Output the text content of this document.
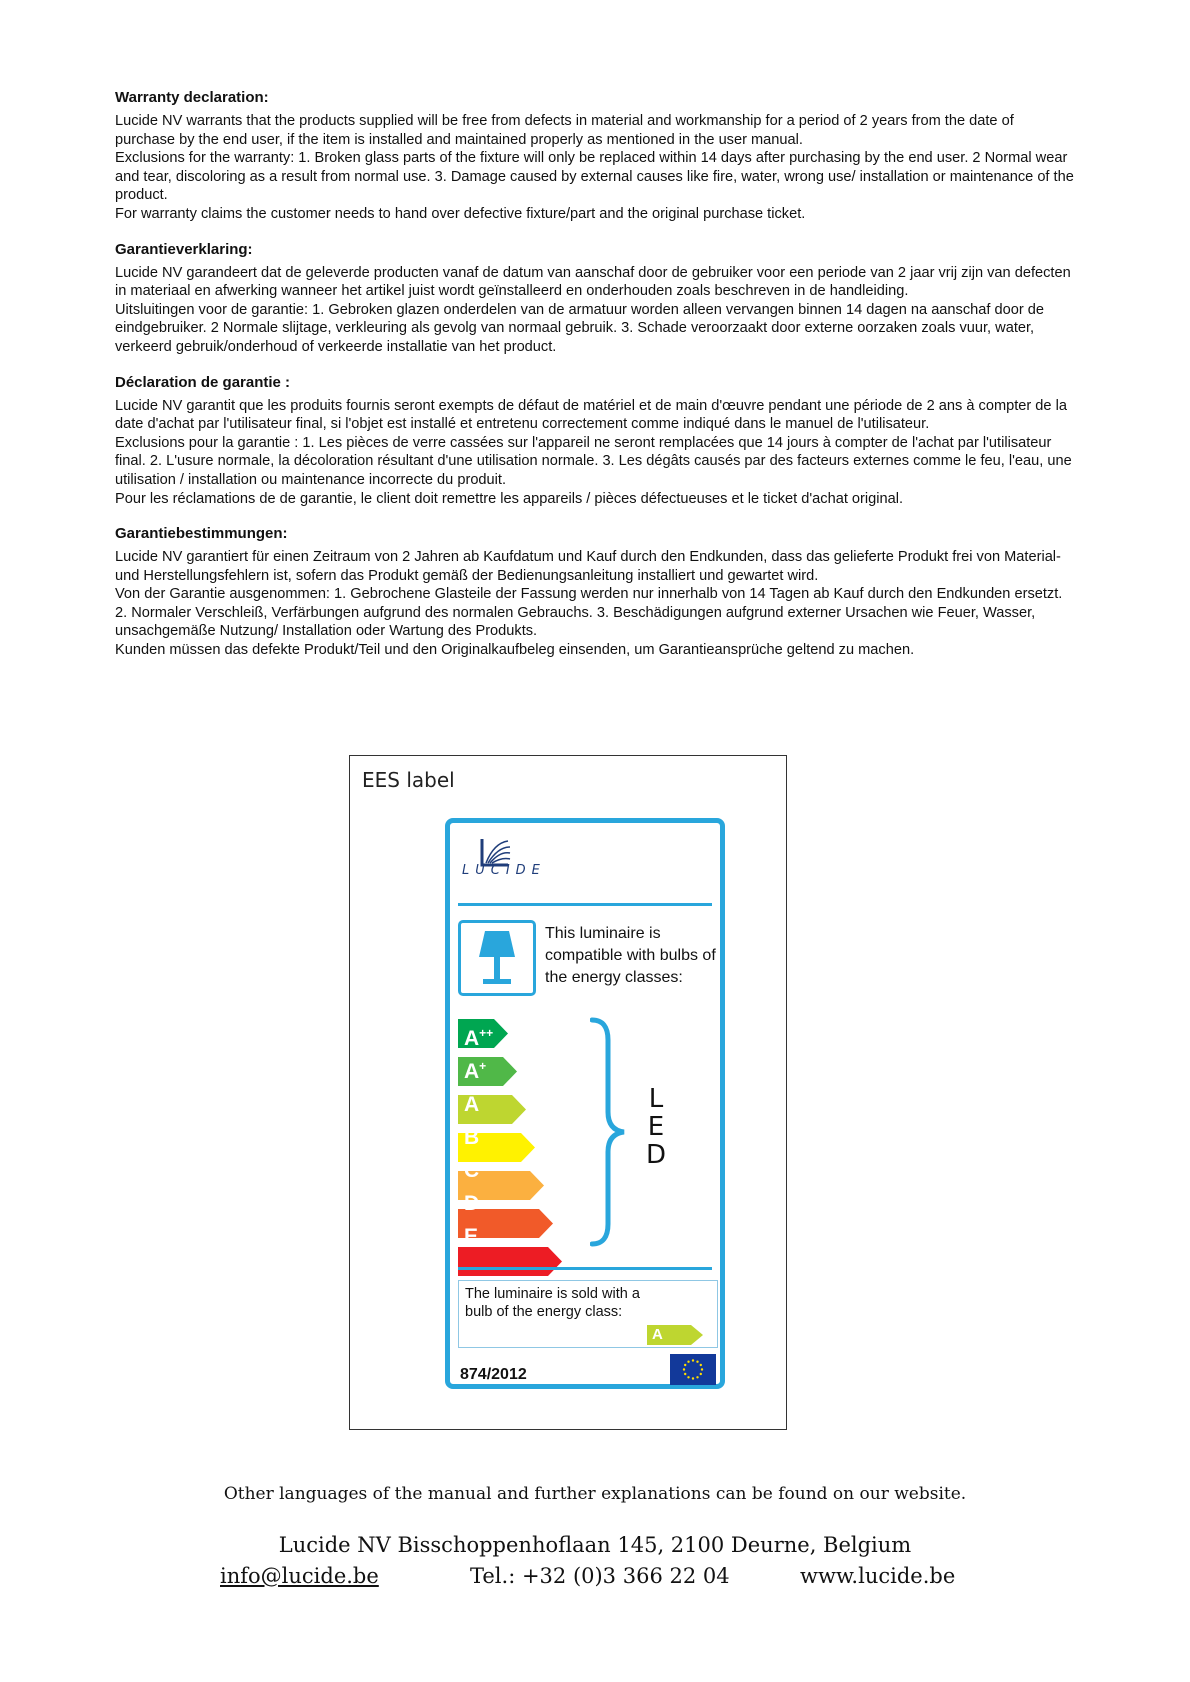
Warranty declaration:

Lucide NV warrants that the products supplied will be free from defects in material and workmanship for a period of 2 years from the date of purchase by the end user, if the item is installed and maintained properly as mentioned in the user manual.

Exclusions for the warranty: 1. Broken glass parts of the fixture will only be replaced within 14 days after purchasing by the end user. 2 Normal wear and tear, discoloring as a result from normal use. 3. Damage caused by external causes like fire, water, wrong use/ installation or maintenance of the product.

For warranty claims the customer needs to hand over defective fixture/part and the original purchase ticket.

Garantieverklaring:

Lucide NV garandeert dat de geleverde producten vanaf de datum van aanschaf door de gebruiker voor een periode van 2 jaar vrij zijn van defecten in materiaal en afwerking wanneer het artikel juist wordt geïnstalleerd en onderhouden zoals beschreven in de handleiding.

Uitsluitingen voor de garantie: 1. Gebroken glazen onderdelen van de armatuur worden alleen vervangen binnen 14 dagen na aanschaf door de eindgebruiker. 2 Normale slijtage, verkleuring als gevolg van normaal gebruik. 3. Schade veroorzaakt door externe oorzaken zoals vuur, water, verkeerd gebruik/onderhoud of verkeerde installatie van het product.

Déclaration de garantie :

Lucide NV garantit que les produits fournis seront exempts de défaut de matériel et de main d'œuvre pendant une période de 2 ans à compter de la date d'achat par l'utilisateur final, si l'objet est installé et entretenu correctement comme indiqué dans le manuel de l'utilisateur.

Exclusions pour la garantie : 1. Les pièces de verre cassées sur l'appareil ne seront remplacées que 14 jours à compter de l'achat par l'utilisateur final. 2. L'usure normale, la décoloration résultant d'une utilisation normale. 3. Les dégâts causés par des facteurs externes comme le feu, l'eau, une utilisation / installation ou maintenance incorrecte du produit.

Pour les réclamations de de garantie, le client doit remettre les appareils / pièces défectueuses et le ticket d'achat original.

Garantiebestimmungen:

Lucide NV garantiert für einen Zeitraum von 2 Jahren ab Kaufdatum und Kauf durch den Endkunden, dass das gelieferte Produkt frei von Material- und Herstellungsfehlern ist, sofern das Produkt gemäß der Bedienungsanleitung installiert und gewartet wird.

Von der Garantie ausgenommen: 1. Gebrochene Glasteile der Fassung werden nur innerhalb von 14 Tagen ab Kauf durch den Endkunden ersetzt. 2. Normaler Verschleiß, Verfärbungen aufgrund des normalen Gebrauchs. 3. Beschädigungen aufgrund externer Ursachen wie Feuer, Wasser, unsachgemäße Nutzung/ Installation oder Wartung des Produkts.

Kunden müssen das defekte Produkt/Teil und den Originalkaufbeleg einsenden, um Garantieansprüche geltend zu machen.

EES label
LUCIDE
This luminaire is compatible with bulbs of the energy classes:

A++
A+
A
B
C
D
E
L
E
D
The luminaire is sold with a bulb of the energy class:
A
874/2012
Other languages of the manual and further explanations can be found on our website.
Lucide NV Bisschoppenhoflaan 145, 2100 Deurne, Belgium
info@lucide.be	Tel.: +32 (0)3 366 22 04	www.lucide.be
